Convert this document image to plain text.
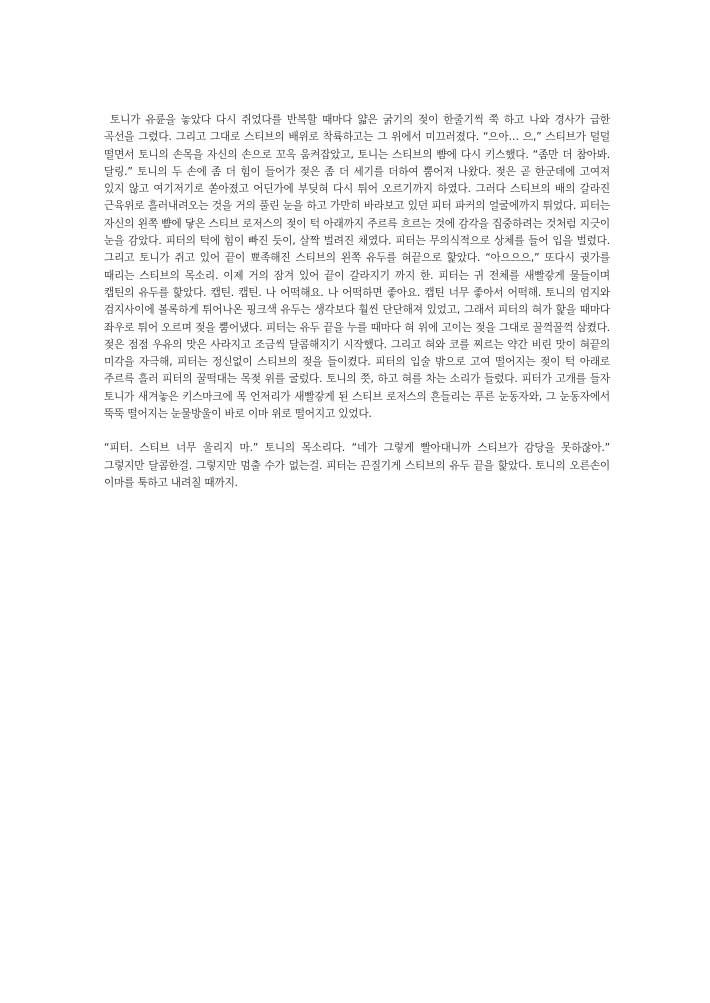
토니가 유륜을 놓았다 다시 쥐었다를 반복할 때마다 얇은 굵기의 젖이 한줄기씩 쭉 하고 나와 경사가 급한 곡선을 그렸다. 그리고 그대로 스티브의 배위로 착륙하고는 그 위에서 미끄러졌다. “으아… 으,” 스티브가 덜덜 떨면서 토니의 손목을 자신의 손으로 꼬옥 움켜잡았고, 토니는 스티브의 뺨에 다시 키스했다. “좀만 더 참아봐. 달링.” 토니의 두 손에 좀 더 힘이 들어가 젖은 좀 더 세기를 더하여 뿜어져 나왔다. 젖은 곧 한군데에 고여져 있지 않고 여기저기로 쏟아졌고 어딘가에 부딪혀 다시 튀어 오르기까지 하였다. 그러다 스티브의 배의 갈라진 근육위로 흘러내려오는 것을 거의 풀린 눈을 하고 가만히 바라보고 있던 피터 파커의 얼굴에까지 튀었다. 피터는 자신의 왼쪽 뺨에 닿은 스티브 로저스의 젖이 턱 아래까지 주르륵 흐르는 것에 감각을 집중하려는 것처럼 지긋이 눈을 감았다. 피터의 턱에 힘이 빠진 듯이, 살짝 벌려진 채였다. 피터는 무의식적으로 상체를 들어 입을 벌렸다. 그리고 토니가 쥐고 있어 끝이 뾰족해진 스티브의 왼쪽 유두를 혀끝으로 핥았다. “아으으으,” 또다시 귓가를 때리는 스티브의 목소리. 이제 거의 잠겨 있어 끝이 갈라지기 까지 한. 피터는 귀 전체를 새빨갛게 물들이며 캡틴의 유두를 핥았다. 캡틴. 캡틴. 나 어떡해요. 나 어떡하면 좋아요. 캡틴 너무 좋아서 어떡해. 토니의 엄지와 검지사이에 볼록하게 튀어나온 핑크색 유두는 생각보다 훨씬 단단해져 있었고, 그래서 피터의 혀가 핥을 때마다 좌우로 튀어 오르며 젖을 뿜어냈다. 피터는 유두 끝을 누를 때마다 혀 위에 고이는 젖을 그대로 꿀꺽꿀꺽 삼켰다. 젖은 점점 우유의 맛은 사라지고 조금씩 달콤해지기 시작했다. 그리고 혀와 코를 찌르는 약간 비린 맛이 혀끝의 미각을 자극해, 피터는 정신없이 스티브의 젖을 들이켰다. 피터의 입술 밖으로 고여 떨어지는 젖이 턱 아래로 주르륵 흘러 피터의 꿀떡대는 목젖 위를 굴렀다. 토니의 쯧, 하고 혀를 차는 소리가 들렸다. 피터가 고개를 들자 토니가 새겨놓은 키스마크에 목 언저리가 새빨갛게 된 스티브 로저스의 흔들리는 푸른 눈동자와, 그 눈동자에서 뚝뚝 떨어지는 눈물방울이 바로 이마 위로 떨어지고 있었다.

“피터. 스티브 너무 울리지 마.” 토니의 목소리다. “네가 그렇게 빨아대니까 스티브가 감당을 못하잖아.” 그렇지만 달콤한걸. 그렇지만 멈출 수가 없는걸. 피터는 끈질기게 스티브의 유두 끝을 핥았다. 토니의 오른손이 이마를 툭하고 내려칠 때까지.
